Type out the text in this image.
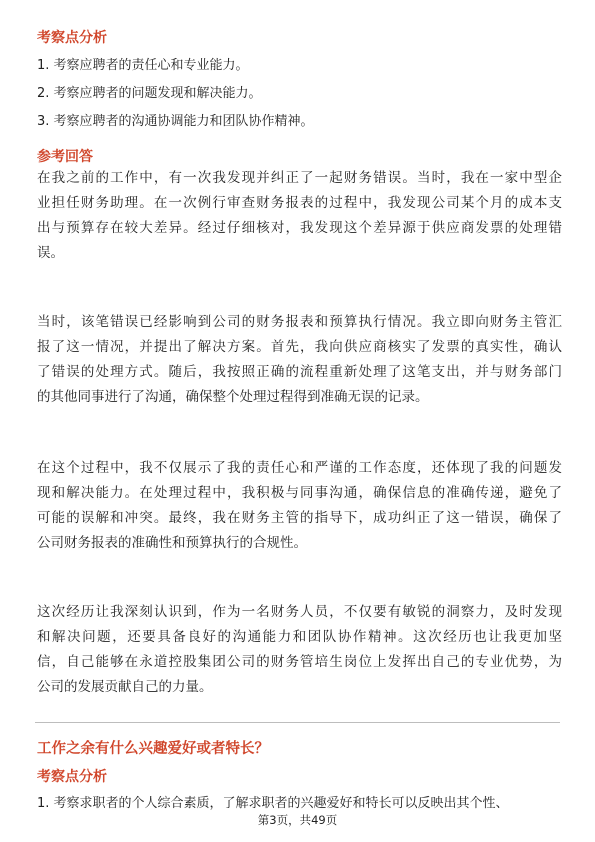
考察点分析
1. 考察应聘者的责任心和专业能力。
2. 考察应聘者的问题发现和解决能力。
3. 考察应聘者的沟通协调能力和团队协作精神。
参考回答
在我之前的工作中，有一次我发现并纠正了一起财务错误。当时，我在一家中型企
业担任财务助理。在一次例行审查财务报表的过程中，我发现公司某个月的成本支
出与预算存在较大差异。经过仔细核对，我发现这个差异源于供应商发票的处理错
误。
当时，该笔错误已经影响到公司的财务报表和预算执行情况。我立即向财务主管汇
报了这一情况，并提出了解决方案。首先，我向供应商核实了发票的真实性，确认
了错误的处理方式。随后，我按照正确的流程重新处理了这笔支出，并与财务部门
的其他同事进行了沟通，确保整个处理过程得到准确无误的记录。
在这个过程中，我不仅展示了我的责任心和严谨的工作态度，还体现了我的问题发
现和解决能力。在处理过程中，我积极与同事沟通，确保信息的准确传递，避免了
可能的误解和冲突。最终，我在财务主管的指导下，成功纠正了这一错误，确保了
公司财务报表的准确性和预算执行的合规性。
这次经历让我深刻认识到，作为一名财务人员，不仅要有敏锐的洞察力，及时发现
和解决问题，还要具备良好的沟通能力和团队协作精神。这次经历也让我更加坚
信，自己能够在永道控股集团公司的财务管培生岗位上发挥出自己的专业优势，为
公司的发展贡献自己的力量。
工作之余有什么兴趣爱好或者特长？
考察点分析
1. 考察求职者的个人综合素质，了解求职者的兴趣爱好和特长可以反映出其个性、
第3页，共49页
